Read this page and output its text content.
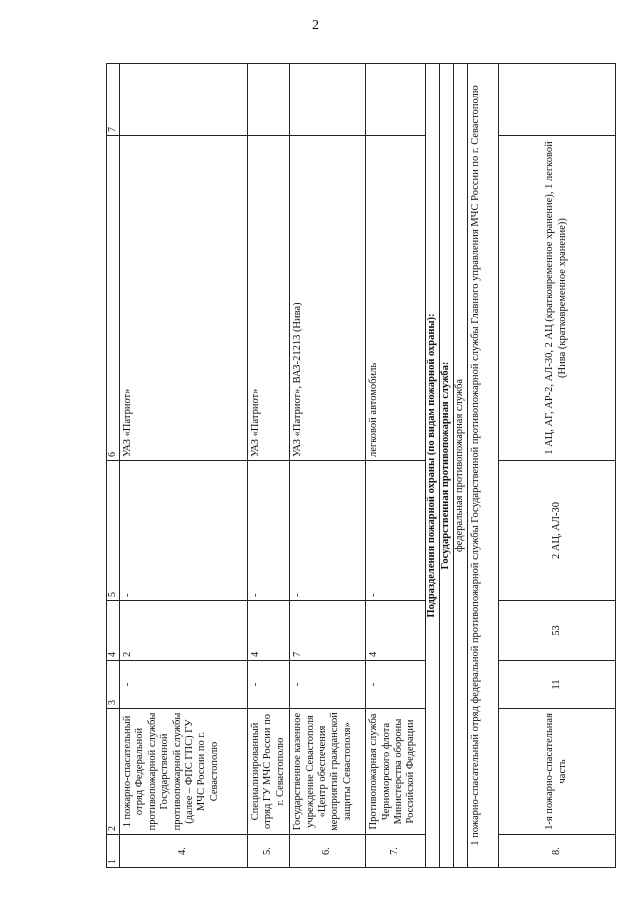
2
1	2	3	4	5	6	7
4.	1 пожарно-спасательный отряд Федеральной противопожарной службы Государственной противопожарной службы (далее – ФПС ГПС) ГУ МЧС России по г. Севастополю	-	2	-	УАЗ «Патриот»	
5.	Специализированный отряд ГУ МЧС России по г. Севастополю	-	4	-	УАЗ «Патриот»	
6.	Государственное казенное учреждение Севастополя «Центр обеспечения мероприятий гражданской защиты Севастополя»	-	7	-	УАЗ «Патриот», ВАЗ-21213 (Нива)	
7.	Противопожарная служба Черноморского флота Министерства обороны Российской Федерации	-	4	-	легковой автомобиль	
Подразделения пожарной охраны (по видам пожарной охраны):						
Государственная противопожарная служба:						
федеральная противопожарная служба						
1 пожарно-спасательный отряд федеральной противопожарной службы Государственной противопожарной службы Главного управления МЧС России по г. Севастополю						
8.	1-я пожарно-спасательная часть	11	53	2 АЦ, АЛ-30	1 АЦ, АГ, АР-2, АЛ-30, 2 АЦ (кратковременное хранение), 1 легковой (Нива (кратковременное хранение))	
